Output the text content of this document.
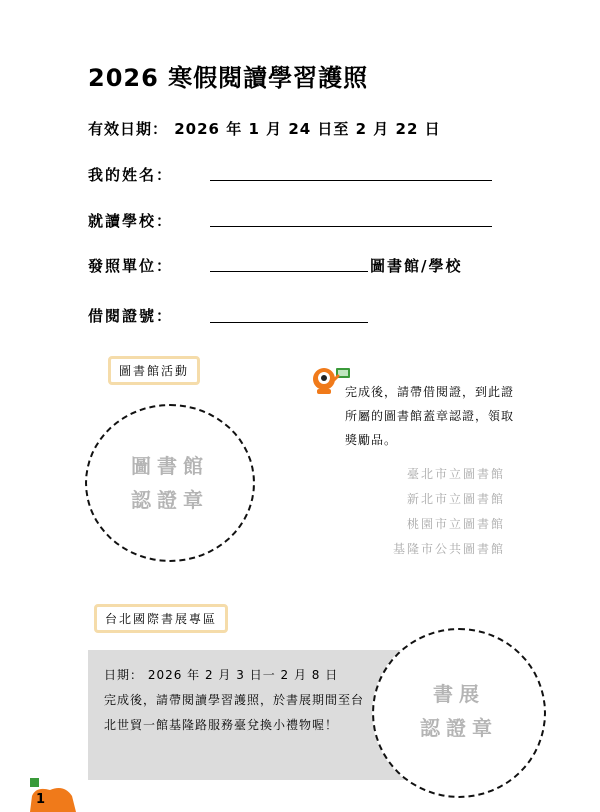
2026 寒假閱讀學習護照
有效日期： 2026 年 1 月 24 日至 2 月 22 日
我的姓名：
就讀學校：
發照單位：	圖書館/學校
借閱證號：
圖書館活動
圖書館
認證章
完成後，請帶借閱證，到此證所屬的圖書館蓋章認證，領取獎勵品。
臺北市立圖書館
新北市立圖書館
桃園市立圖書館
基隆市公共圖書館
台北國際書展專區
日期： 2026 年 2 月 3 日一 2 月 8 日
完成後，請帶閱讀學習護照，於書展期間至台北世貿一館基隆路服務臺兌換小禮物喔！
書展
認證章
1
